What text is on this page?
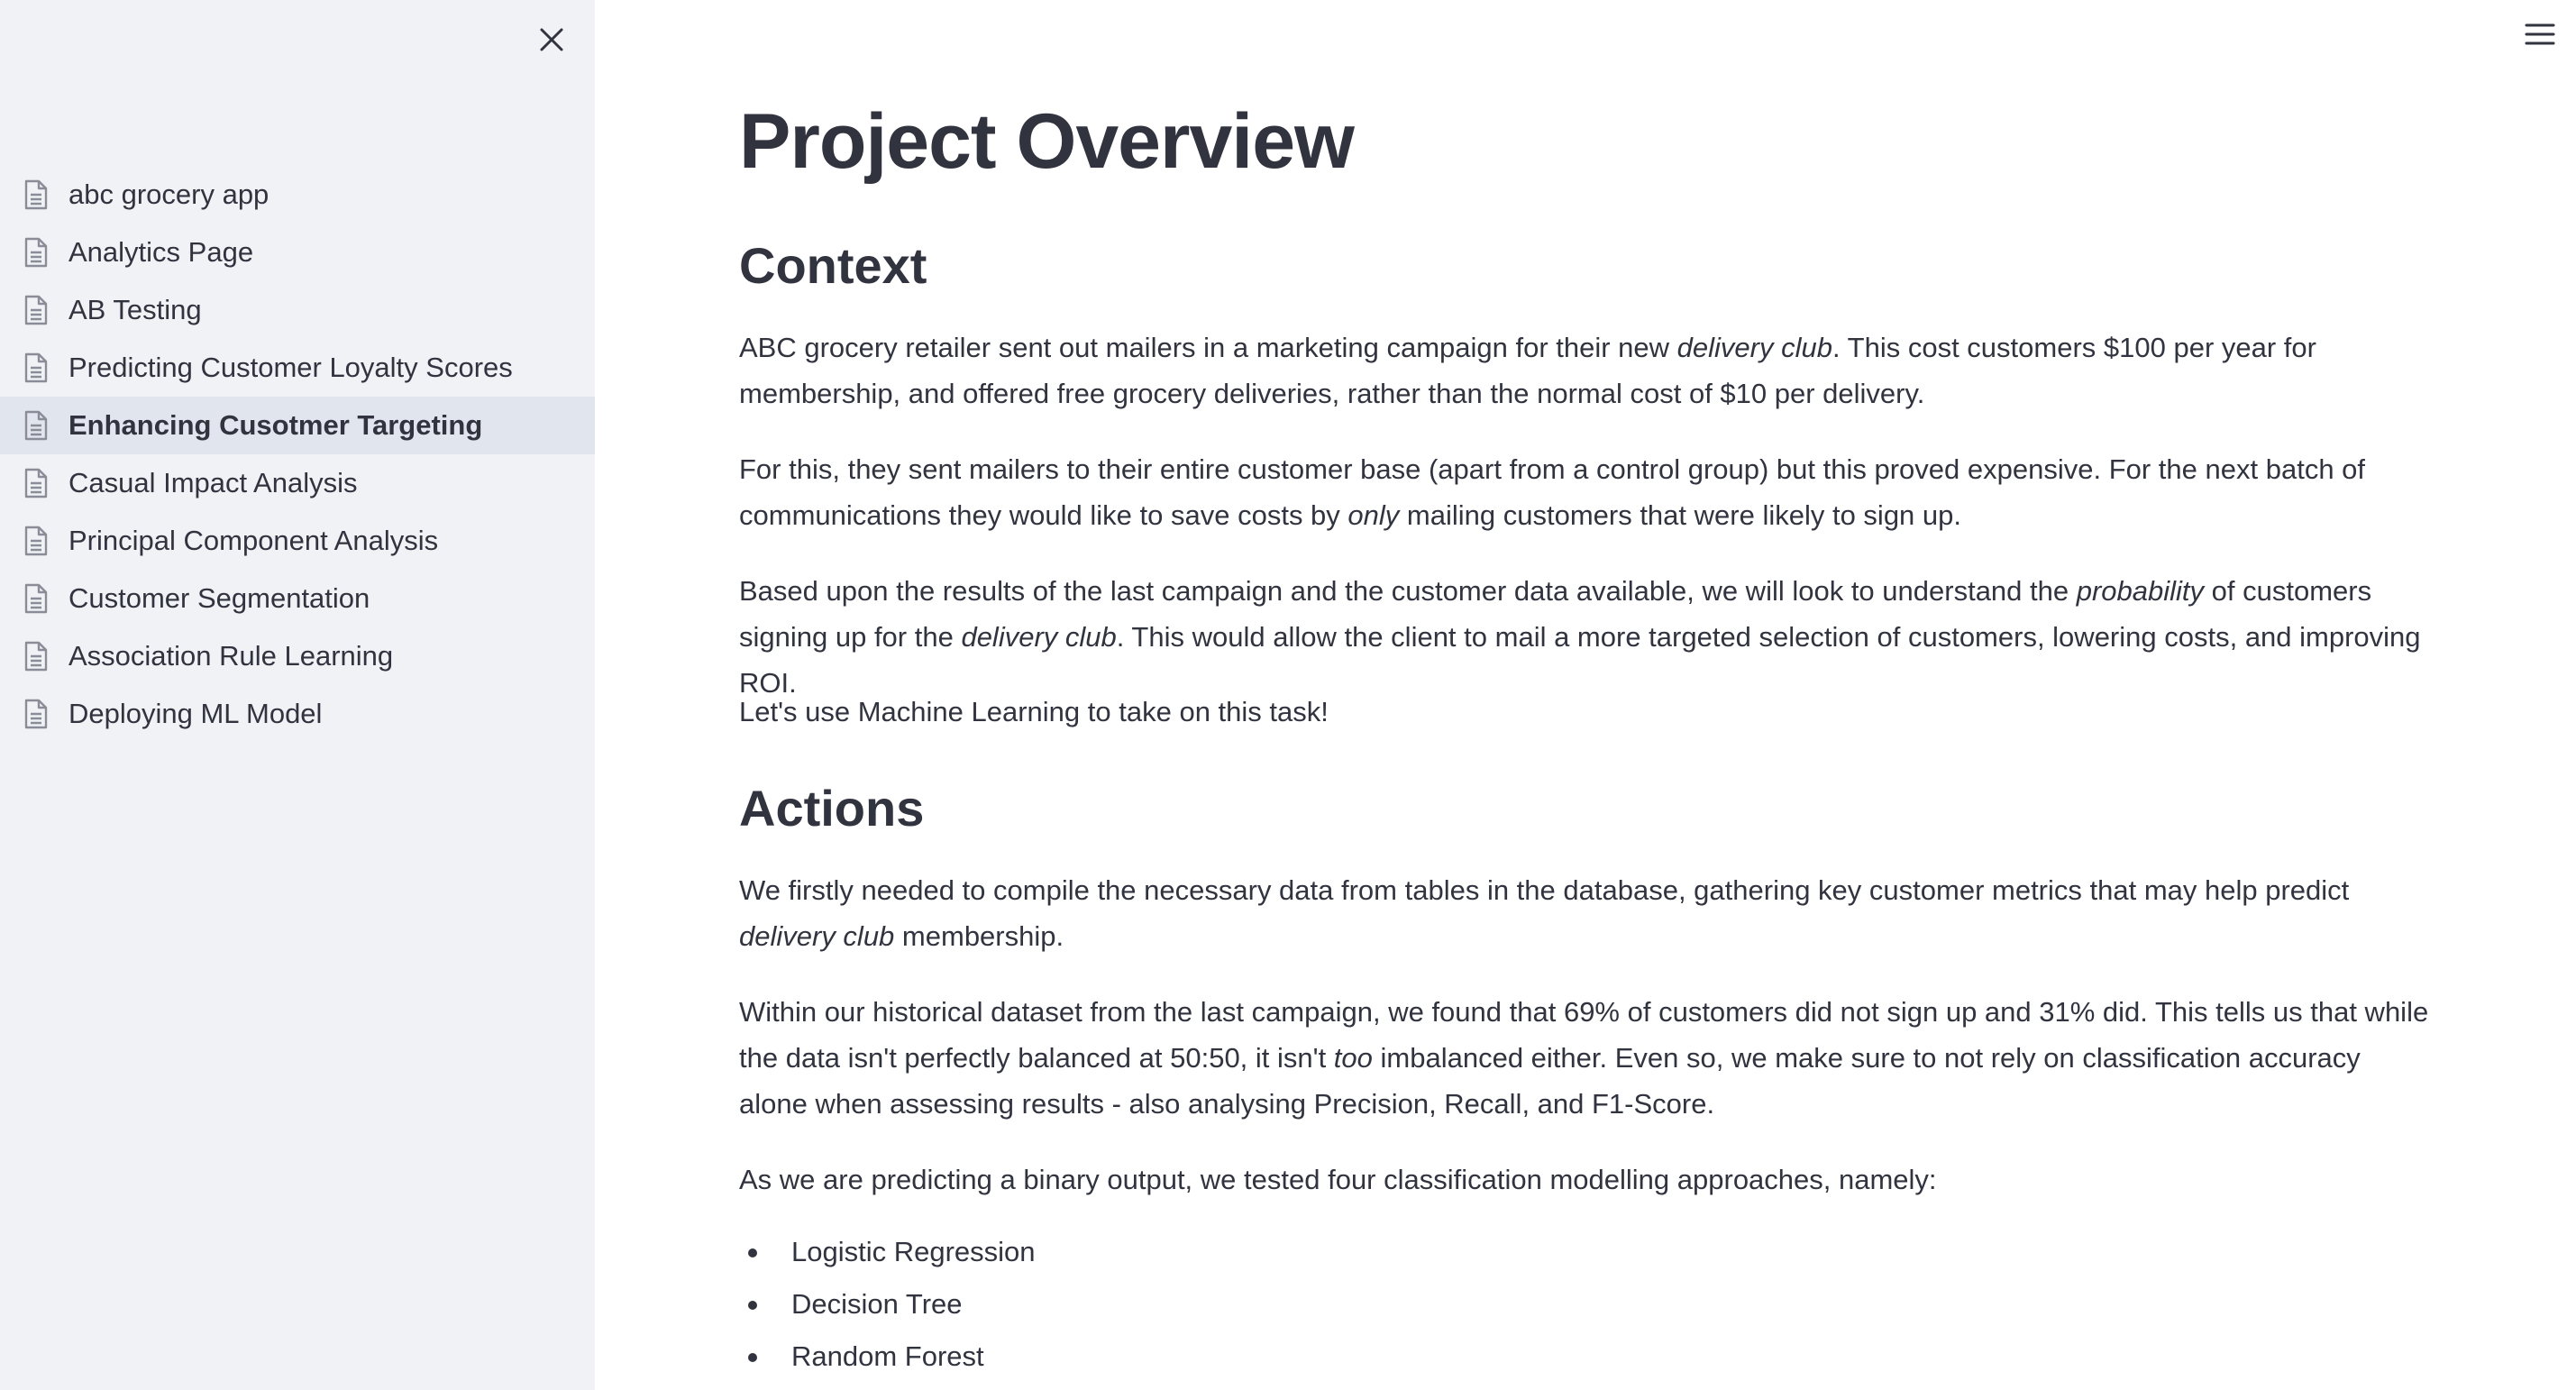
abc grocery app
Analytics Page
AB Testing
Predicting Customer Loyalty Scores
Enhancing Cusotmer Targeting
Casual Impact Analysis
Principal Component Analysis
Customer Segmentation
Association Rule Learning
Deploying ML Model
Project Overview
Context

ABC grocery retailer sent out mailers in a marketing campaign for their new delivery club. This cost customers $100 per year for membership, and offered free grocery deliveries, rather than the normal cost of $10 per delivery.

For this, they sent mailers to their entire customer base (apart from a control group) but this proved expensive. For the next batch of communications they would like to save costs by only mailing customers that were likely to sign up.

Based upon the results of the last campaign and the customer data available, we will look to understand the probability of customers signing up for the delivery club. This would allow the client to mail a more targeted selection of customers, lowering costs, and improving ROI.

Let's use Machine Learning to take on this task!

Actions

We firstly needed to compile the necessary data from tables in the database, gathering key customer metrics that may help predict delivery club membership.

Within our historical dataset from the last campaign, we found that 69% of customers did not sign up and 31% did. This tells us that while the data isn't perfectly balanced at 50:50, it isn't too imbalanced either. Even so, we make sure to not rely on classification accuracy alone when assessing results - also analysing Precision, Recall, and F1-Score.

As we are predicting a binary output, we tested four classification modelling approaches, namely:

Logistic Regression
Decision Tree
Random Forest
